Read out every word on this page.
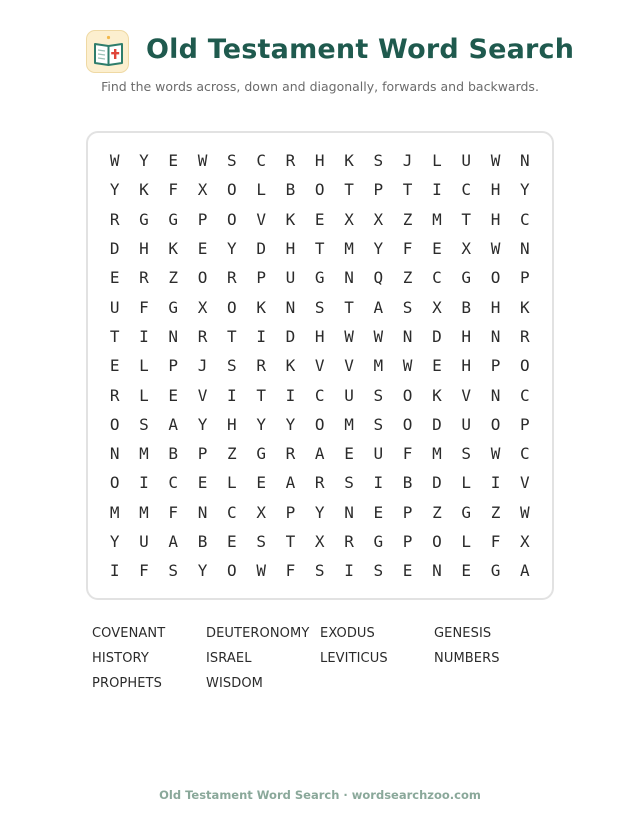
Old Testament Word Search
Find the words across, down and diagonally, forwards and backwards.
W	Y	E	W	S	C	R	H	K	S	J	L	U	W	N
Y	K	F	X	O	L	B	O	T	P	T	I	C	H	Y
R	G	G	P	O	V	K	E	X	X	Z	M	T	H	C
D	H	K	E	Y	D	H	T	M	Y	F	E	X	W	N
E	R	Z	O	R	P	U	G	N	Q	Z	C	G	O	P
U	F	G	X	O	K	N	S	T	A	S	X	B	H	K
T	I	N	R	T	I	D	H	W	W	N	D	H	N	R
E	L	P	J	S	R	K	V	V	M	W	E	H	P	O
R	L	E	V	I	T	I	C	U	S	O	K	V	N	C
O	S	A	Y	H	Y	Y	O	M	S	O	D	U	O	P
N	M	B	P	Z	G	R	A	E	U	F	M	S	W	C
O	I	C	E	L	E	A	R	S	I	B	D	L	I	V
M	M	F	N	C	X	P	Y	N	E	P	Z	G	Z	W
Y	U	A	B	E	S	T	X	R	G	P	O	L	F	X
I	F	S	Y	O	W	F	S	I	S	E	N	E	G	A
COVENANT	DEUTERONOMY EXODUS	GENESIS
HISTORY	ISRAEL	LEVITICUS	NUMBERS
PROPHETS	WISDOM
Old Testament Word Search · wordsearchzoo.com
